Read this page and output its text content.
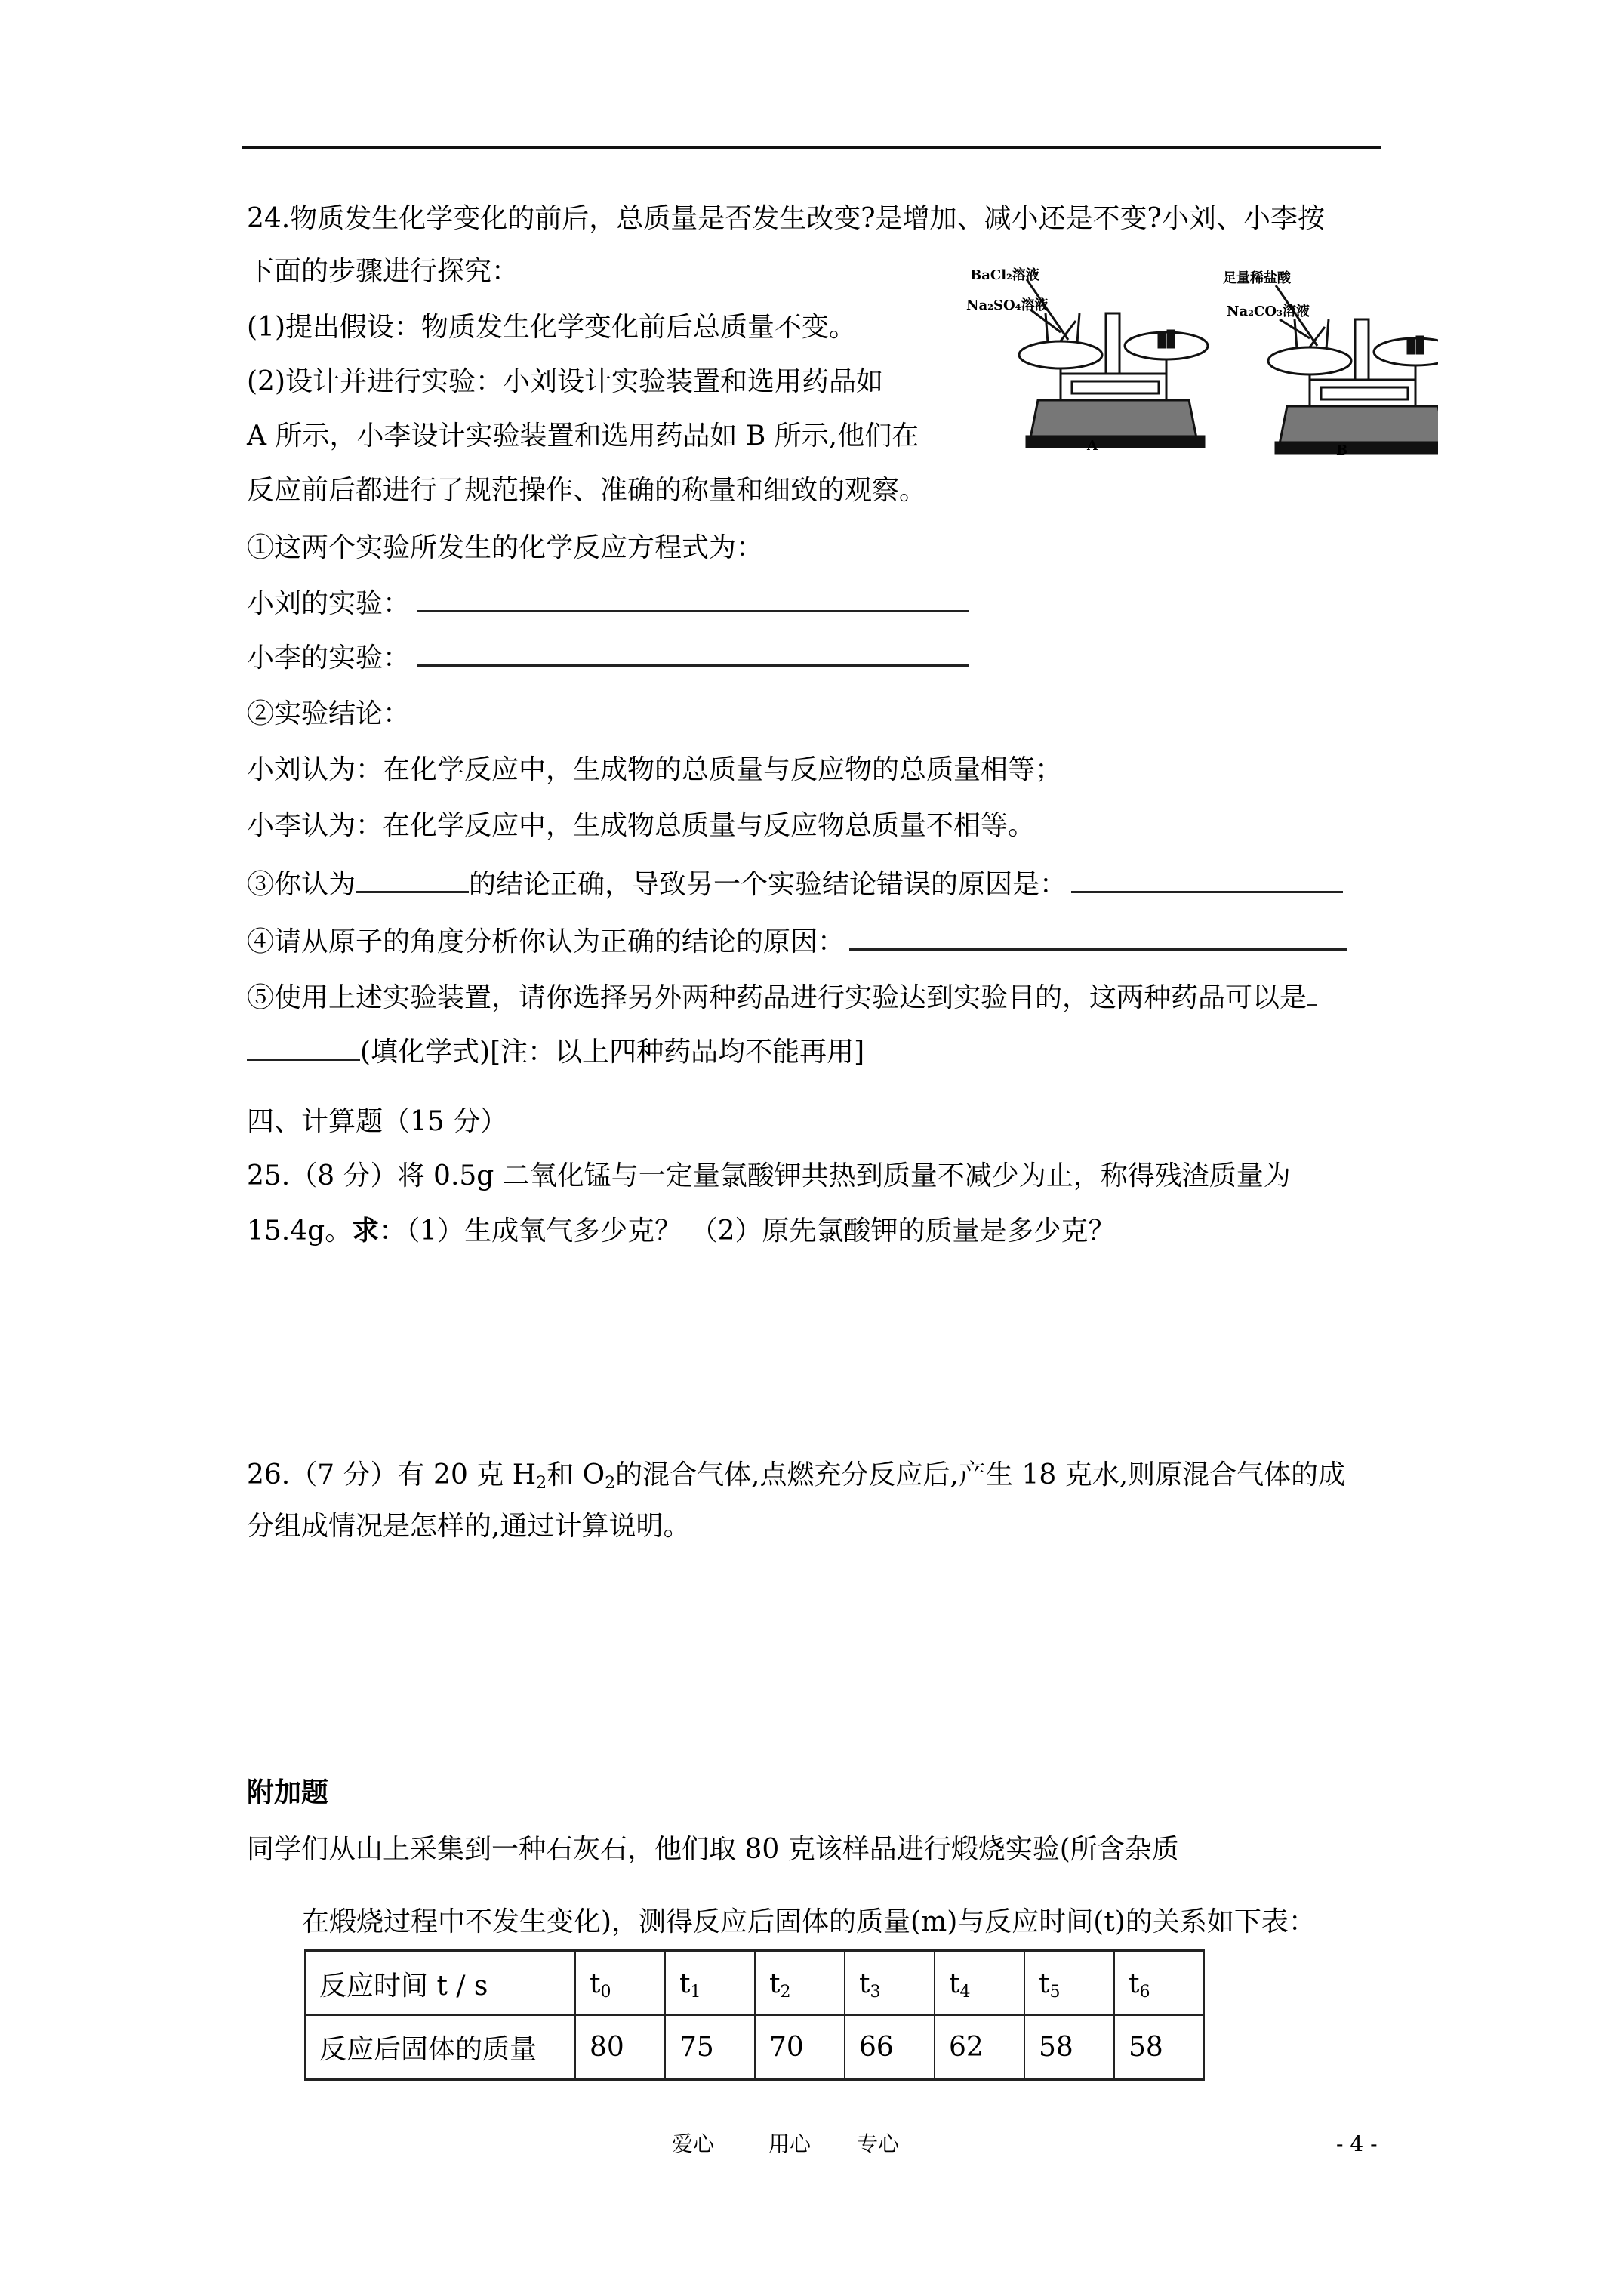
24.物质发生化学变化的前后，总质量是否发生改变?是增加、减小还是不变?小刘、小李按
下面的步骤进行探究：
(1)提出假设：物质发生化学变化前后总质量不变。
(2)设计并进行实验：小刘设计实验装置和选用药品如
A 所示，小李设计实验装置和选用药品如 B 所示,他们在
反应前后都进行了规范操作、准确的称量和细致的观察。
①这两个实验所发生的化学反应方程式为：
小刘的实验：
小李的实验：
②实验结论：
小刘认为：在化学反应中，生成物的总质量与反应物的总质量相等；
小李认为：在化学反应中，生成物总质量与反应物总质量不相等。
③你认为	的结论正确，导致另一个实验结论错误的原因是：
④请从原子的角度分析你认为正确的结论的原因：
⑤使用上述实验装置，请你选择另外两种药品进行实验达到实验目的，这两种药品可以是
(填化学式)[注：以上四种药品均不能再用]
BaCl₂溶液
Na₂SO₄溶液
A
足量稀盐酸
Na₂CO₃溶液
B
四、计算题（15 分）
25.（8 分）将 0.5g 二氧化锰与一定量氯酸钾共热到质量不减少为止，称得残渣质量为
15.4g。求：（1）生成氧气多少克？ （2）原先氯酸钾的质量是多少克？
26.（7 分）有 20 克 $H_2$和 $O_2$的混合气体,点燃充分反应后,产生 18 克水,则原混合气体的成
分组成情况是怎样的,通过计算说明。
附加题
同学们从山上采集到一种石灰石，他们取 80 克该样品进行煅烧实验(所含杂质
在煅烧过程中不发生变化)，测得反应后固体的质量(m)与反应时间(t)的关系如下表：
反应时间 t / s	$t_0$	$t_1$	$t_2$	$t_3$	$t_4$	$t_5$	$t_6$
反应后固体的质量	80	75	70	66	62	58	58
爱心	用心 专心	- 4 -
